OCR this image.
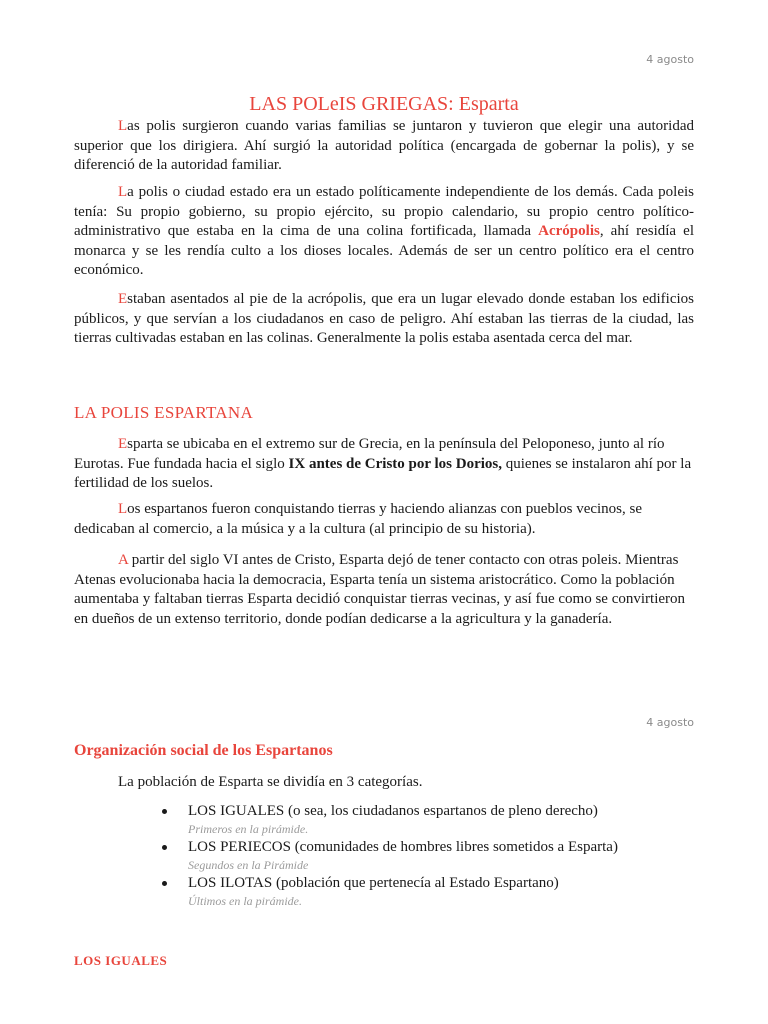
4 agosto
LAS POLeIS GRIEGAS: Esparta

Las polis surgieron cuando varias familias se juntaron y tuvieron que elegir una autoridad superior que los dirigiera. Ahí surgió la autoridad política (encargada de gobernar la polis), y se diferenció de la autoridad familiar.

La polis o ciudad estado era un estado políticamente independiente de los demás. Cada poleis tenía: Su propio gobierno, su propio ejército, su propio calendario, su propio centro político-administrativo que estaba en la cima de una colina fortificada, llamada Acrópolis, ahí residía el monarca y se les rendía culto a los dioses locales. Además de ser un centro político era el centro económico.

Estaban asentados al pie de la acrópolis, que era un lugar elevado donde estaban los edificios públicos, y que servían a los ciudadanos en caso de peligro. Ahí estaban las tierras de la ciudad, las tierras cultivadas estaban en las colinas. Generalmente la polis estaba asentada cerca del mar.

LA POLIS ESPARTANA

Esparta se ubicaba en el extremo sur de Grecia, en la península del Peloponeso, junto al río Eurotas. Fue fundada hacia el siglo IX antes de Cristo por los Dorios, quienes se instalaron ahí por la fertilidad de los suelos.

Los espartanos fueron conquistando tierras y haciendo alianzas con pueblos vecinos, se dedicaban al comercio, a la música y a la cultura (al principio de su historia).

A partir del siglo VI antes de Cristo, Esparta dejó de tener contacto con otras poleis. Mientras Atenas evolucionaba hacia la democracia, Esparta tenía un sistema aristocrático. Como la población aumentaba y faltaban tierras Esparta decidió conquistar tierras vecinas, y así fue como se convirtieron en dueños de un extenso territorio, donde podían dedicarse a la agricultura y la ganadería.

4 agosto
Organización social de los Espartanos

La población de Esparta se dividía en 3 categorías.

LOS IGUALES (o sea, los ciudadanos espartanos de pleno derecho)
Primeros en la pirámide.
LOS PERIECOS (comunidades de hombres libres sometidos a Esparta)
Segundos en la Pirámide
LOS ILOTAS (población que pertenecía al Estado Espartano)
Últimos en la pirámide.
LOS IGUALES
